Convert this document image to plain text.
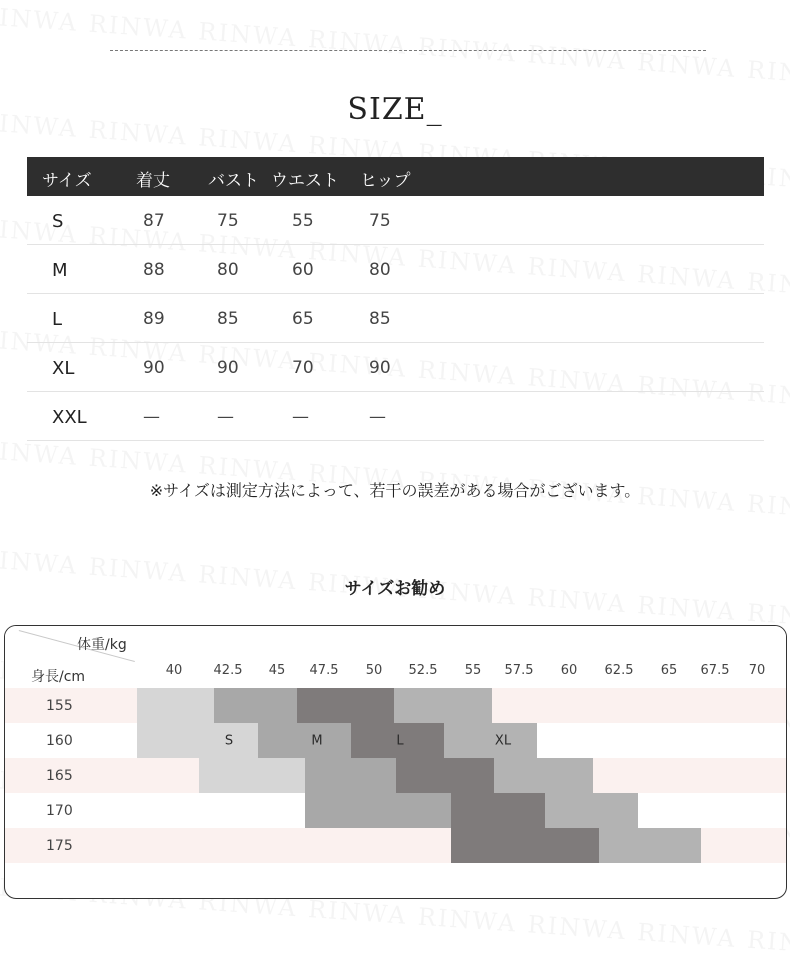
SIZE_
サイズ	着丈 バスト ウエスト ヒップ
S	87	75	55	75
M	88	80	60	80
L	89	85	65	85
XL	90	90	70	90
XXL	—	—	—	—
※サイズは測定方法によって、若干の誤差がある場合がございます。
サイズお勧め
体重/kg
身長/cm	40 42.5 45 47.5 50 52.5 55 57.5 60 62.5 65 67.5 70
155
160
165
170
175
S	M	L	XL
